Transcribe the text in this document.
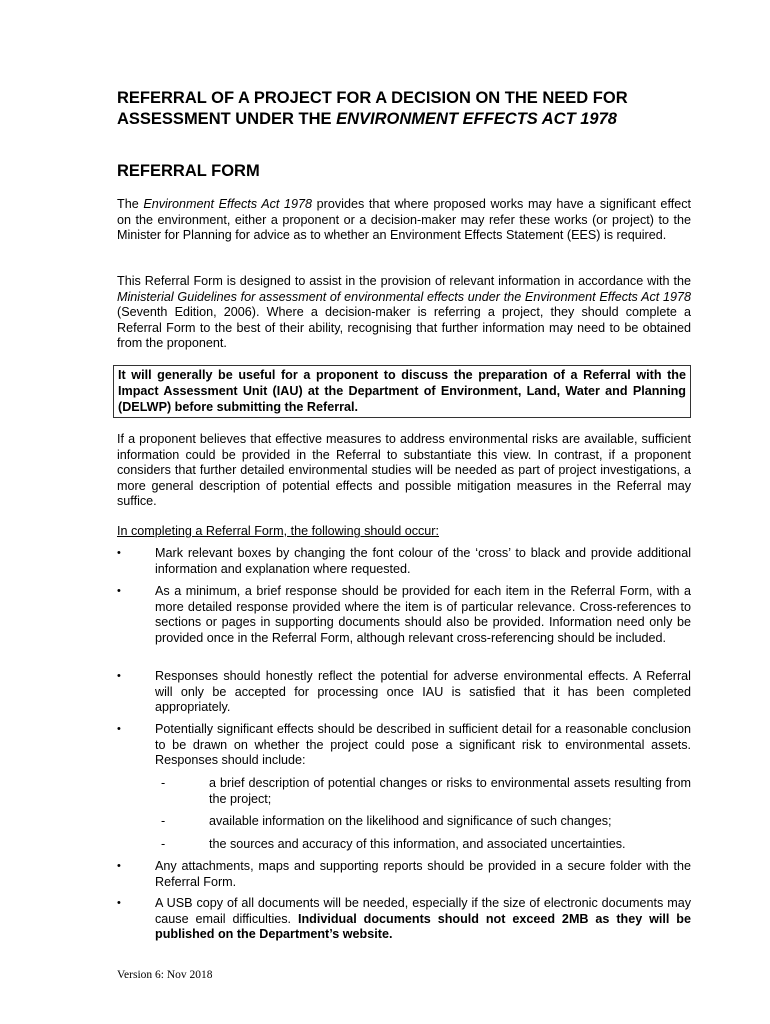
REFERRAL OF A PROJECT FOR A DECISION ON THE NEED FOR ASSESSMENT UNDER THE ENVIRONMENT EFFECTS ACT 1978
REFERRAL FORM

The Environment Effects Act 1978 provides that where proposed works may have a significant effect on the environment, either a proponent or a decision-maker may refer these works (or project) to the Minister for Planning for advice as to whether an Environment Effects Statement (EES) is required.

This Referral Form is designed to assist in the provision of relevant information in accordance with the Ministerial Guidelines for assessment of environmental effects under the Environment Effects Act 1978 (Seventh Edition, 2006). Where a decision-maker is referring a project, they should complete a Referral Form to the best of their ability, recognising that further information may need to be obtained from the proponent.

It will generally be useful for a proponent to discuss the preparation of a Referral with the Impact Assessment Unit (IAU) at the Department of Environment, Land, Water and Planning (DELWP) before submitting the Referral.

If a proponent believes that effective measures to address environmental risks are available, sufficient information could be provided in the Referral to substantiate this view. In contrast, if a proponent considers that further detailed environmental studies will be needed as part of project investigations, a more general description of potential effects and possible mitigation measures in the Referral may suffice.

In completing a Referral Form, the following should occur:

•	Mark relevant boxes by changing the font colour of the ‘cross’ to black and provide additional information and explanation where requested.
•	As a minimum, a brief response should be provided for each item in the Referral Form, with a more detailed response provided where the item is of particular relevance. Cross-references to sections or pages in supporting documents should also be provided. Information need only be provided once in the Referral Form, although relevant cross-referencing should be included.
•	Responses should honestly reflect the potential for adverse environmental effects. A Referral will only be accepted for processing once IAU is satisfied that it has been completed appropriately.
•	Potentially significant effects should be described in sufficient detail for a reasonable conclusion to be drawn on whether the project could pose a significant risk to environmental assets. Responses should include:
-	a brief description of potential changes or risks to environmental assets resulting from the project;
-	available information on the likelihood and significance of such changes;
-	the sources and accuracy of this information, and associated uncertainties.
•	Any attachments, maps and supporting reports should be provided in a secure folder with the Referral Form.
•	A USB copy of all documents will be needed, especially if the size of electronic documents may cause email difficulties. Individual documents should not exceed 2MB as they will be published on the Department’s website.
Version 6: Nov 2018
